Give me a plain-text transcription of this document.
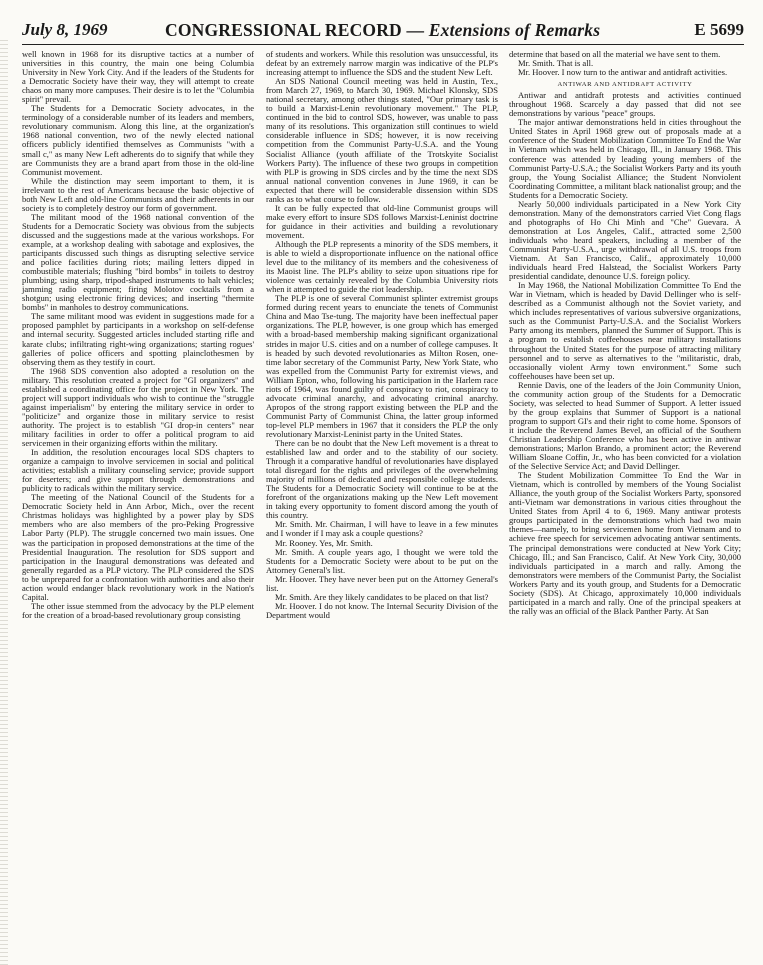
July 8, 1969	CONGRESSIONAL RECORD — Extensions of Remarks	E 5699

well known in 1968 for its disruptive tactics at a number of universities in this country, the main one being Columbia University in New York City. And if the leaders of the Students for a Democratic Society have their way, they will attempt to create chaos on many more campuses. Their desire is to let the "Columbia spirit" prevail.

The Students for a Democratic Society advocates, in the terminology of a considerable number of its leaders and members, revolutionary communism. Along this line, at the organization's 1968 national convention, two of the newly elected national officers publicly identified themselves as Communists "with a small c," as many New Left adherents do to signify that while they are Communists they are a brand apart from those in the old-line Communist movement.

While the distinction may seem important to them, it is irrelevant to the rest of Americans because the basic objective of both New Left and old-line Communists and their adherents in our society is to completely destroy our form of government.

The militant mood of the 1968 national convention of the Students for a Democratic Society was obvious from the subjects discussed and the suggestions made at the various workshops. For example, at a workshop dealing with sabotage and explosives, the participants discussed such things as disrupting selective service and police facilities during riots; mailing letters dipped in combustible materials; flushing "bird bombs" in toilets to destroy plumbing; using sharp, tripod-shaped instruments to halt vehicles; jamming radio equipment; firing Molotov cocktails from a shotgun; using electronic firing devices; and inserting "thermite bombs" in manholes to destroy communications.

The same militant mood was evident in suggestions made for a proposed pamphlet by participants in a workshop on self-defense and internal security. Suggested articles included starting rifle and karate clubs; infiltrating right-wing organizations; starting rogues' galleries of police officers and spotting plainclothesmen by observing them as they testify in court.

The 1968 SDS convention also adopted a resolution on the military. This resolution created a project for "GI organizers" and established a coordinating office for the project in New York. The project will support individuals who wish to continue the "struggle against imperialism" by entering the military service in order to "politicize" and organize those in military service to resist authority. The project is to establish "GI drop-in centers" near military facilities in order to offer a political program to aid servicemen in their organizing efforts within the military.

In addition, the resolution encourages local SDS chapters to organize a campaign to involve servicemen in social and political activities; establish a military counseling service; provide support for deserters; and give support through demonstrations and publicity to radicals within the military service.

The meeting of the National Council of the Students for a Democratic Society held in Ann Arbor, Mich., over the recent Christmas holidays was highlighted by a power play by SDS members who are also members of the pro-Peking Progressive Labor Party (PLP). The struggle concerned two main issues. One was the participation in proposed demonstrations at the time of the Presidential Inauguration. The resolution for SDS support and participation in the Inaugural demonstrations was defeated and generally regarded as a PLP victory. The PLP considered the SDS to be unprepared for a confrontation with authorities and also their action would endanger black revolutionary work in the Nation's Capital.

The other issue stemmed from the advocacy by the PLP element for the creation of a broad-based revolutionary group consisting

of students and workers. While this resolution was unsuccessful, its defeat by an extremely narrow margin was indicative of the PLP's increasing attempt to influence the SDS and the student New Left.

An SDS National Council meeting was held in Austin, Tex., from March 27, 1969, to March 30, 1969. Michael Klonsky, SDS national secretary, among other things stated, "Our primary task is to build a Marxist-Lenin revolutionary movement." The PLP, continued in the bid to control SDS, however, was unable to pass many of its resolutions. This organization still continues to wield considerable influence in SDS; however, it is now receiving competition from the Communist Party-U.S.A. and the Young Socialist Alliance (youth affiliate of the Trotskyite Socialist Workers Party). The influence of these two groups in competition with PLP is growing in SDS circles and by the time the next SDS annual national convention convenes in June 1969, it can be expected that there will be considerable dissension within SDS ranks as to what course to follow.

It can be fully expected that old-line Communist groups will make every effort to insure SDS follows Marxist-Leninist doctrine for guidance in their activities and building a revolutionary movement.

Although the PLP represents a minority of the SDS members, it is able to wield a disproportionate influence on the national office level due to the militancy of its members and the cohesiveness of its Maoist line. The PLP's ability to seize upon situations ripe for violence was certainly revealed by the Columbia University riots when it attempted to guide the riot leadership.

The PLP is one of several Communist splinter extremist groups formed during recent years to enunciate the tenets of Communist China and Mao Tse-tung. The majority have been ineffectual paper organizations. The PLP, however, is one group which has emerged with a broad-based membership making significant organizational strides in major U.S. cities and on a number of college campuses. It is headed by such devoted revolutionaries as Milton Rosen, one-time labor secretary of the Communist Party, New York State, who was expelled from the Communist Party for extremist views, and William Epton, who, following his participation in the Harlem race riots of 1964, was found guilty of conspiracy to riot, conspiracy to advocate criminal anarchy, and advocating criminal anarchy. Apropos of the strong rapport existing between the PLP and the Communist Party of Communist China, the latter group informed top-level PLP members in 1967 that it considers the PLP the only revolutionary Marxist-Leninist party in the United States.

There can be no doubt that the New Left movement is a threat to established law and order and to the stability of our society. Through it a comparative handful of revolutionaries have displayed total disregard for the rights and privileges of the overwhelming majority of millions of dedicated and responsible college students. The Students for a Democratic Society will continue to be at the forefront of the organizations making up the New Left movement in taking every opportunity to foment discord among the youth of this country.

Mr. Smith. Mr. Chairman, I will have to leave in a few minutes and I wonder if I may ask a couple questions?

Mr. Rooney. Yes, Mr. Smith.

Mr. Smith. A couple years ago, I thought we were told the Students for a Democratic Society were about to be put on the Attorney General's list.

Mr. Hoover. They have never been put on the Attorney General's list.

Mr. Smith. Are they likely candidates to be placed on that list?

Mr. Hoover. I do not know. The Internal Security Division of the Department would

determine that based on all the material we have sent to them.

Mr. Smith. That is all.

Mr. Hoover. I now turn to the antiwar and antidraft activities.

ANTIWAR AND ANTIDRAFT ACTIVITY

Antiwar and antidraft protests and activities continued throughout 1968. Scarcely a day passed that did not see demonstrations by various "peace" groups.

The major antiwar demonstrations held in cities throughout the United States in April 1968 grew out of proposals made at a conference of the Student Mobilization Committee To End the War in Vietnam which was held in Chicago, Ill., in January 1968. This conference was attended by leading young members of the Communist Party-U.S.A.; the Socialist Workers Party and its youth group, the Young Socialist Alliance; the Student Nonviolent Coordinating Committee, a militant black nationalist group; and the Students for a Democratic Society.

Nearly 50,000 individuals participated in a New York City demonstration. Many of the demonstrators carried Viet Cong flags and photographs of Ho Chi Minh and "Che" Guevara. A demonstration at Los Angeles, Calif., attracted some 2,500 individuals who heard speakers, including a member of the Communist Party-U.S.A., urge withdrawal of all U.S. troops from Vietnam. At San Francisco, Calif., approximately 10,000 individuals heard Fred Halstead, the Socialist Workers Party presidential candidate, denounce U.S. foreign policy.

In May 1968, the National Mobilization Committee To End the War in Vietnam, which is headed by David Dellinger who is self-described as a Communist although not the Soviet variety, and which includes representatives of various subversive organizations, such as the Communist Party-U.S.A. and the Socialist Workers Party among its members, planned the Summer of Support. This is a program to establish coffeehouses near military installations throughout the United States for the purpose of attracting military personnel and to serve as alternatives to the "militaristic, drab, occasionally violent Army town environment." Some such coffeehouses have been set up.

Rennie Davis, one of the leaders of the Join Community Union, the community action group of the Students for a Democratic Society, was selected to head Summer of Support. A letter issued by the group explains that Summer of Support is a national program to support GI's and their right to come home. Sponsors of it include the Reverend James Bevel, an official of the Southern Christian Leadership Conference who has been active in antiwar demonstrations; Marlon Brando, a prominent actor; the Reverend William Sloane Coffin, Jr., who has been convicted for a violation of the Selective Service Act; and David Dellinger.

The Student Mobilization Committee To End the War in Vietnam, which is controlled by members of the Young Socialist Alliance, the youth group of the Socialist Workers Party, sponsored anti-Vietnam war demonstrations in various cities throughout the United States from April 4 to 6, 1969. Many antiwar protests groups participated in the demonstrations which had two main themes—namely, to bring servicemen home from Vietnam and to achieve free speech for servicemen advocating antiwar sentiments. The principal demonstrations were conducted at New York City; Chicago, Ill.; and San Francisco, Calif. At New York City, 30,000 individuals participated in a march and rally. Among the demonstrators were members of the Communist Party, the Socialist Workers Party and its youth group, and Students for a Democratic Society (SDS). At Chicago, approximately 10,000 individuals participated in a march and rally. One of the principal speakers at the rally was an official of the Black Panther Party. At San
